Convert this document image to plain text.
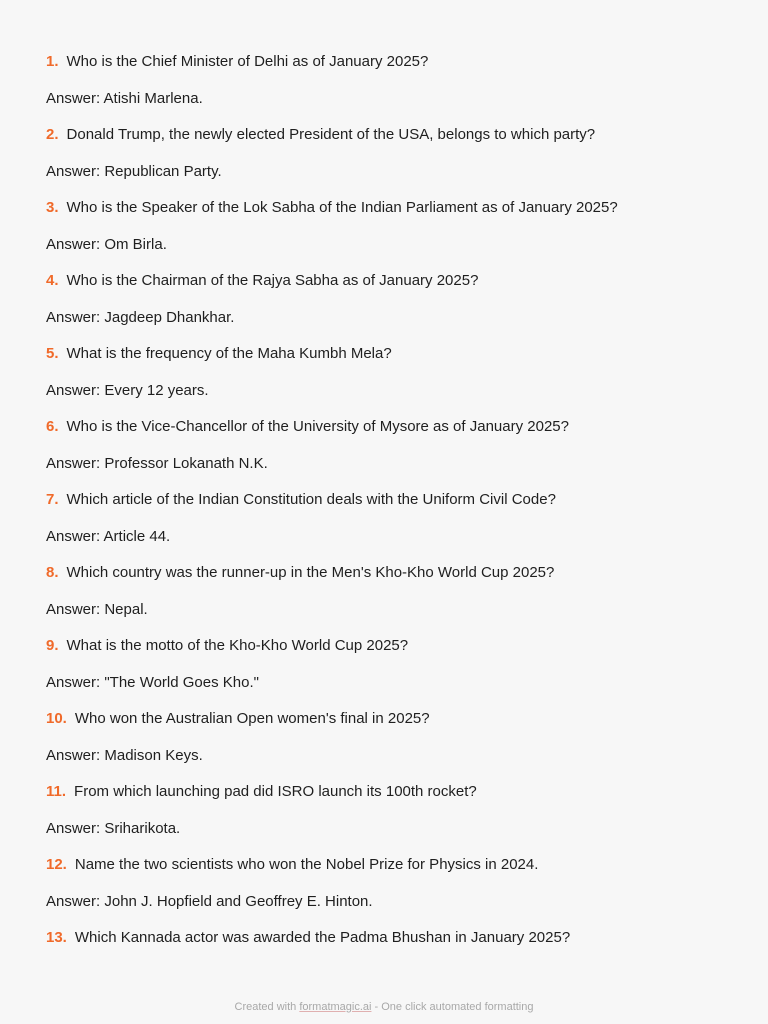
1. Who is the Chief Minister of Delhi as of January 2025?
Answer: Atishi Marlena.
2. Donald Trump, the newly elected President of the USA, belongs to which party?
Answer: Republican Party.
3. Who is the Speaker of the Lok Sabha of the Indian Parliament as of January 2025?
Answer: Om Birla.
4. Who is the Chairman of the Rajya Sabha as of January 2025?
Answer: Jagdeep Dhankhar.
5. What is the frequency of the Maha Kumbh Mela?
Answer: Every 12 years.
6. Who is the Vice-Chancellor of the University of Mysore as of January 2025?
Answer: Professor Lokanath N.K.
7. Which article of the Indian Constitution deals with the Uniform Civil Code?
Answer: Article 44.
8. Which country was the runner-up in the Men's Kho-Kho World Cup 2025?
Answer: Nepal.
9. What is the motto of the Kho-Kho World Cup 2025?
Answer: "The World Goes Kho."
10. Who won the Australian Open women's final in 2025?
Answer: Madison Keys.
11. From which launching pad did ISRO launch its 100th rocket?
Answer: Sriharikota.
12. Name the two scientists who won the Nobel Prize for Physics in 2024.
Answer: John J. Hopfield and Geoffrey E. Hinton.
13. Which Kannada actor was awarded the Padma Bhushan in January 2025?
Created with formatmagic.ai - One click automated formatting
